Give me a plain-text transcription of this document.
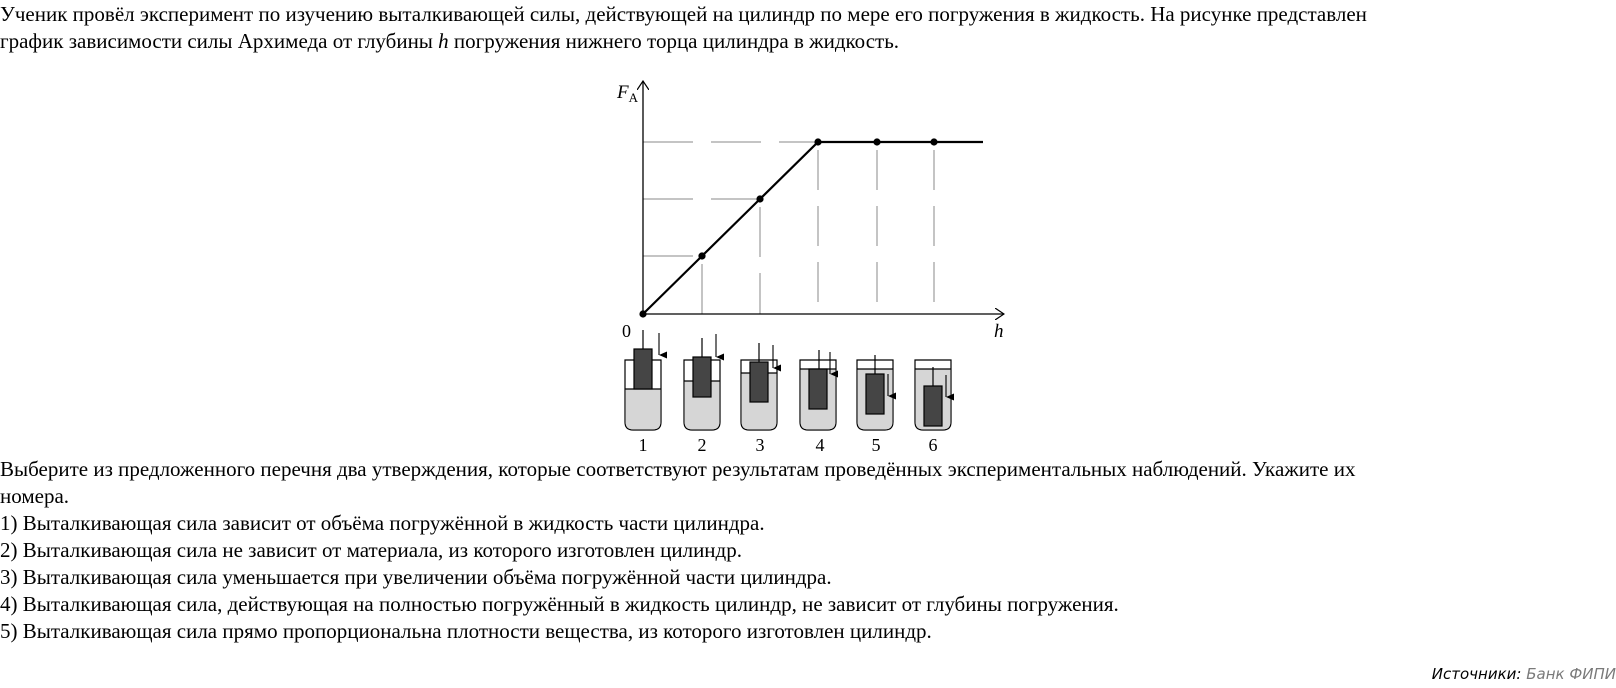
Ученик провёл эксперимент по изучению выталкивающей силы, действующей на цилиндр по мере его погружения в жидкость. На рисунке представлен
график зависимости силы Архимеда от глубины h погружения нижнего торца цилиндра в жидкость.

$F_A$
h
0
1	2	3	4	5	6

Выберите из предложенного перечня два утверждения, которые соответствуют результатам проведённых экспериментальных наблюдений. Укажите их
номера.

1) Выталкивающая сила зависит от объёма погружённой в жидкость части цилиндра.
2) Выталкивающая сила не зависит от материала, из которого изготовлен цилиндр.
3) Выталкивающая сила уменьшается при увеличении объёма погружённой части цилиндра.
4) Выталкивающая сила, действующая на полностью погружённый в жидкость цилиндр, не зависит от глубины погружения.
5) Выталкивающая сила прямо пропорциональна плотности вещества, из которого изготовлен цилиндр.
Источники: Банк ФИПИ
